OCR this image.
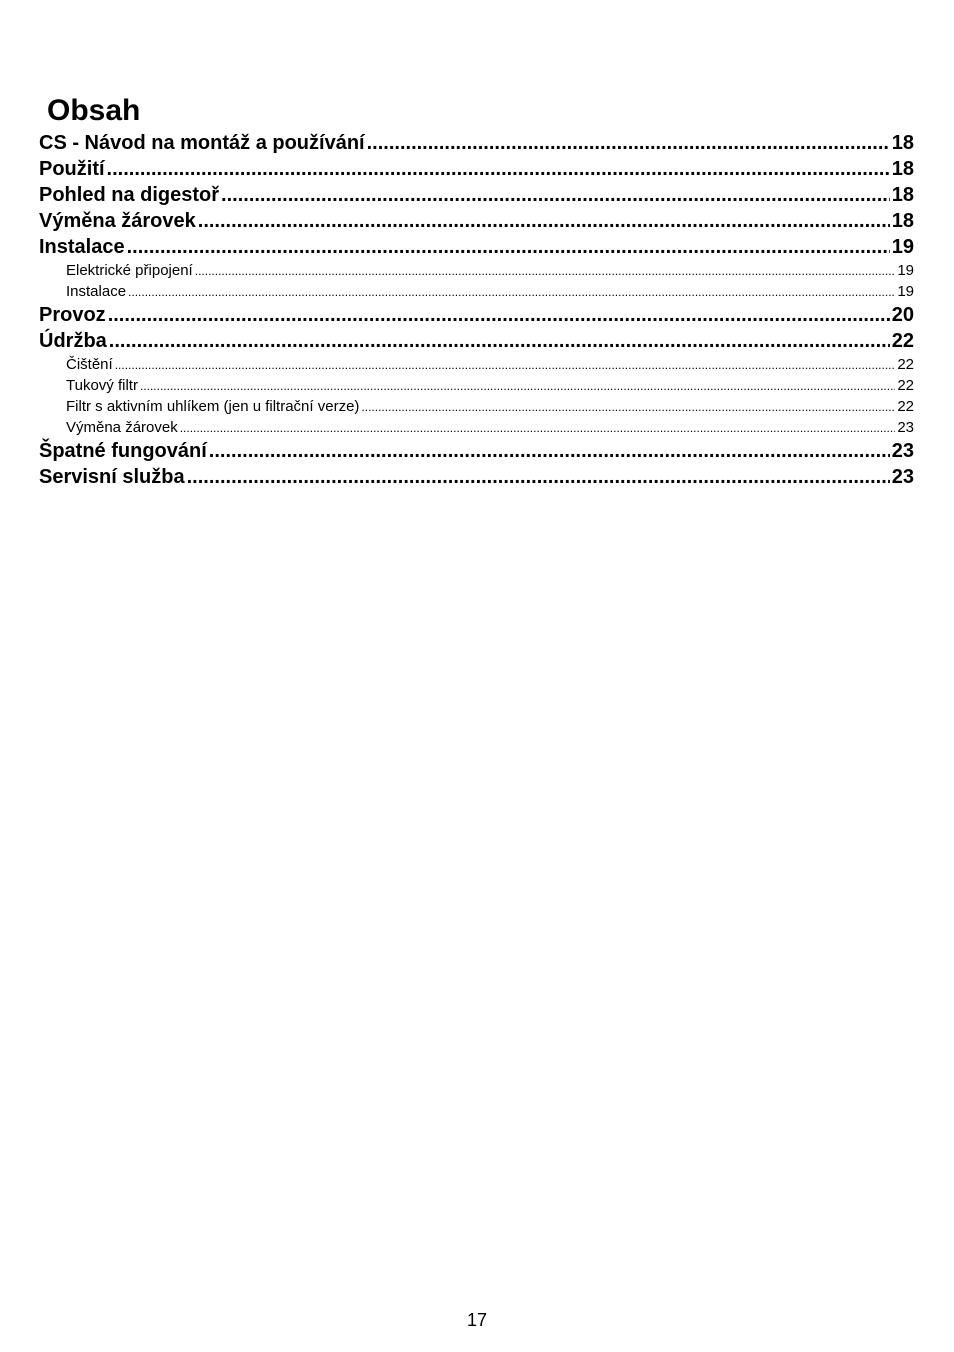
Obsah
CS - Návod na montáž a používání .....	18
Použití .....	18
Pohled na digestoř .....	18
Výměna žárovek .....	18
Instalace .....	19
Elektrické připojení .....	19
Instalace .....	19
Provoz .....	20
Údržba .....	22
Čištění .....	22
Tukový filtr .....	22
Filtr s aktivním uhlíkem (jen u filtrační verze) .....	22
Výměna žárovek .....	23
Špatné fungování .....	23
Servisní služba .....	23
17
